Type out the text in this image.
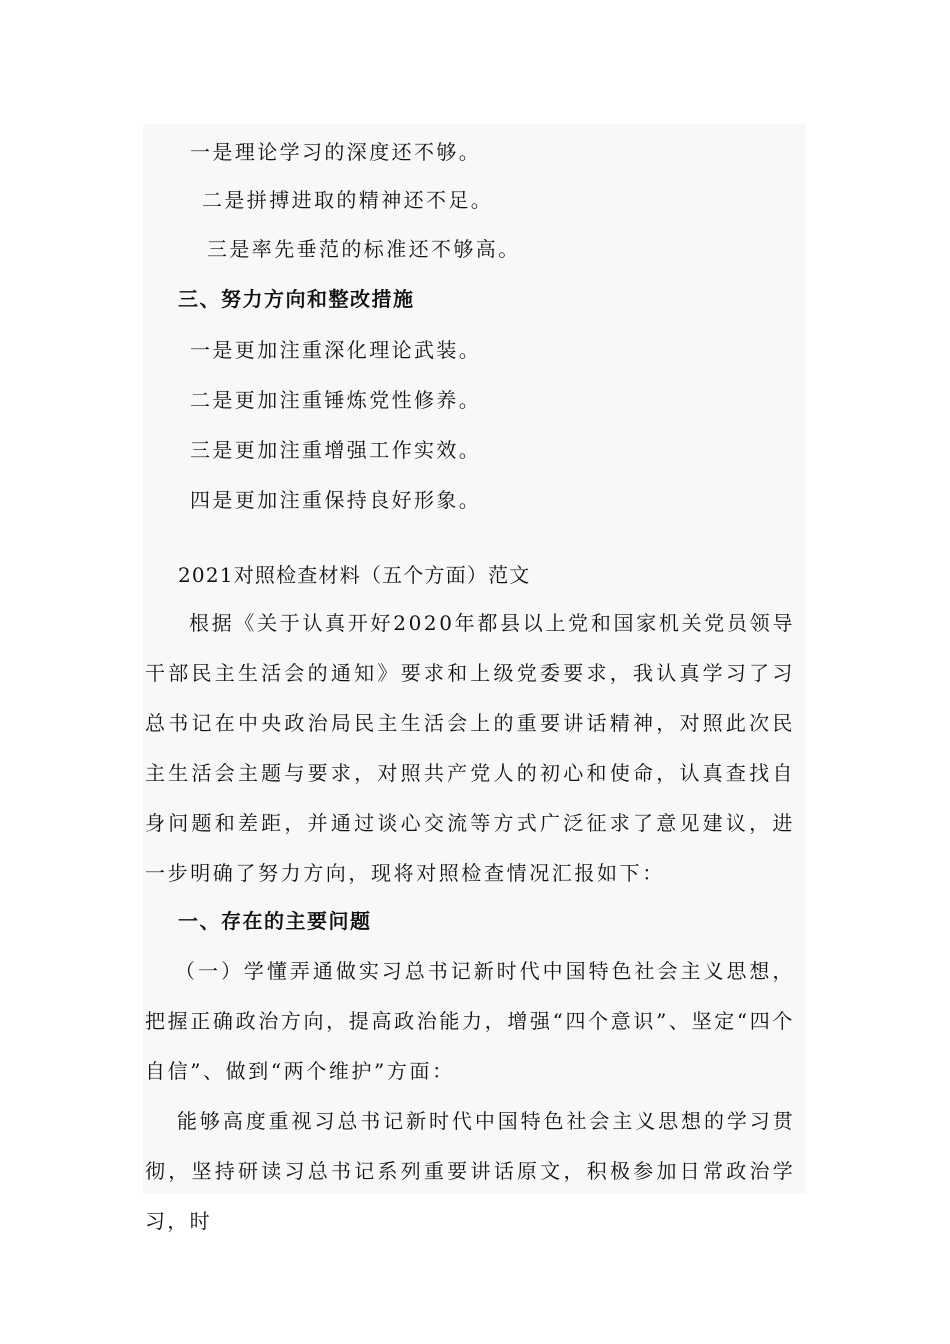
一是理论学习的深度还不够。
二是拼搏进取的精神还不足。
三是率先垂范的标准还不够高。
三、努力方向和整改措施
一是更加注重深化理论武装。
二是更加注重锤炼党性修养。
三是更加注重增强工作实效。
四是更加注重保持良好形象。
2021对照检查材料（五个方面）范文

根据《关于认真开好2020年都县以上党和国家机关党员领导干部民主生活会的通知》要求和上级党委要求，我认真学习了习总书记在中央政治局民主生活会上的重要讲话精神，对照此次民主生活会主题与要求，对照共产党人的初心和使命，认真查找自身问题和差距，并通过谈心交流等方式广泛征求了意见建议，进一步明确了努力方向，现将对照检查情况汇报如下：

一、存在的主要问题

（一）学懂弄通做实习总书记新时代中国特色社会主义思想，把握正确政治方向，提高政治能力，增强“四个意识”、坚定“四个自信”、做到“两个维护”方面：

能够高度重视习总书记新时代中国特色社会主义思想的学习贯彻，坚持研读习总书记系列重要讲话原文，积极参加日常政治学习，时
